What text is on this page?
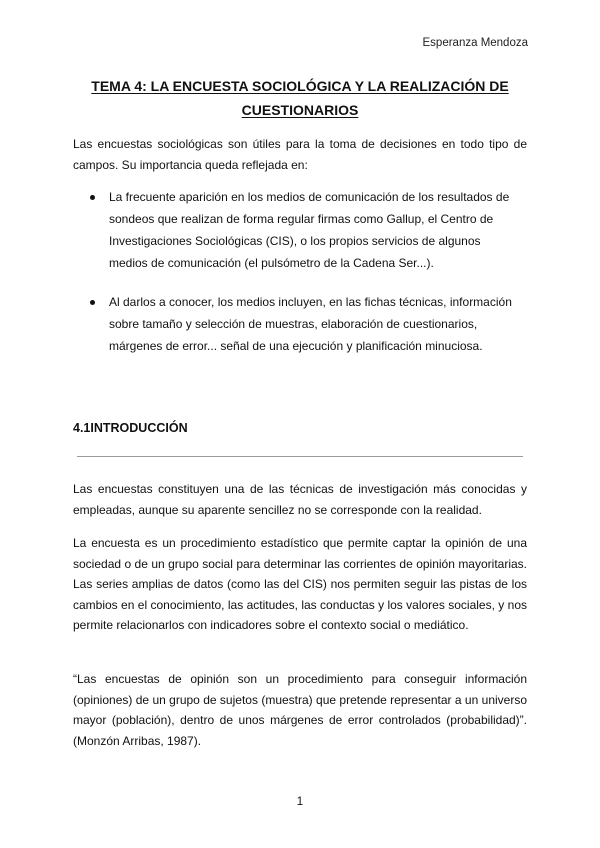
Esperanza Mendoza
TEMA 4: LA ENCUESTA SOCIOLÓGICA Y LA REALIZACIÓN DE CUESTIONARIOS
Las encuestas sociológicas son útiles para la toma de decisiones en todo tipo de campos. Su importancia queda reflejada en:
La frecuente aparición en los medios de comunicación de los resultados de sondeos que realizan de forma regular firmas como Gallup, el Centro de Investigaciones Sociológicas (CIS), o los propios servicios de algunos medios de comunicación (el pulsómetro de la Cadena Ser...).
Al darlos a conocer, los medios incluyen, en las fichas técnicas, información sobre tamaño y selección de muestras, elaboración de cuestionarios, márgenes de error... señal de una ejecución y planificación minuciosa.
4.1INTRODUCCIÓN
Las encuestas constituyen una de las técnicas de investigación más conocidas y empleadas, aunque su aparente sencillez no se corresponde con la realidad.
La encuesta es un procedimiento estadístico que permite captar la opinión de una sociedad o de un grupo social para determinar las corrientes de opinión mayoritarias. Las series amplias de datos (como las del CIS) nos permiten seguir las pistas de los cambios en el conocimiento, las actitudes, las conductas y los valores sociales, y nos permite relacionarlos con indicadores sobre el contexto social o mediático.
“Las encuestas de opinión son un procedimiento para conseguir información (opiniones) de un grupo de sujetos (muestra) que pretende representar a un universo mayor (población), dentro de unos márgenes de error controlados (probabilidad)”. (Monzón Arribas, 1987).
1
